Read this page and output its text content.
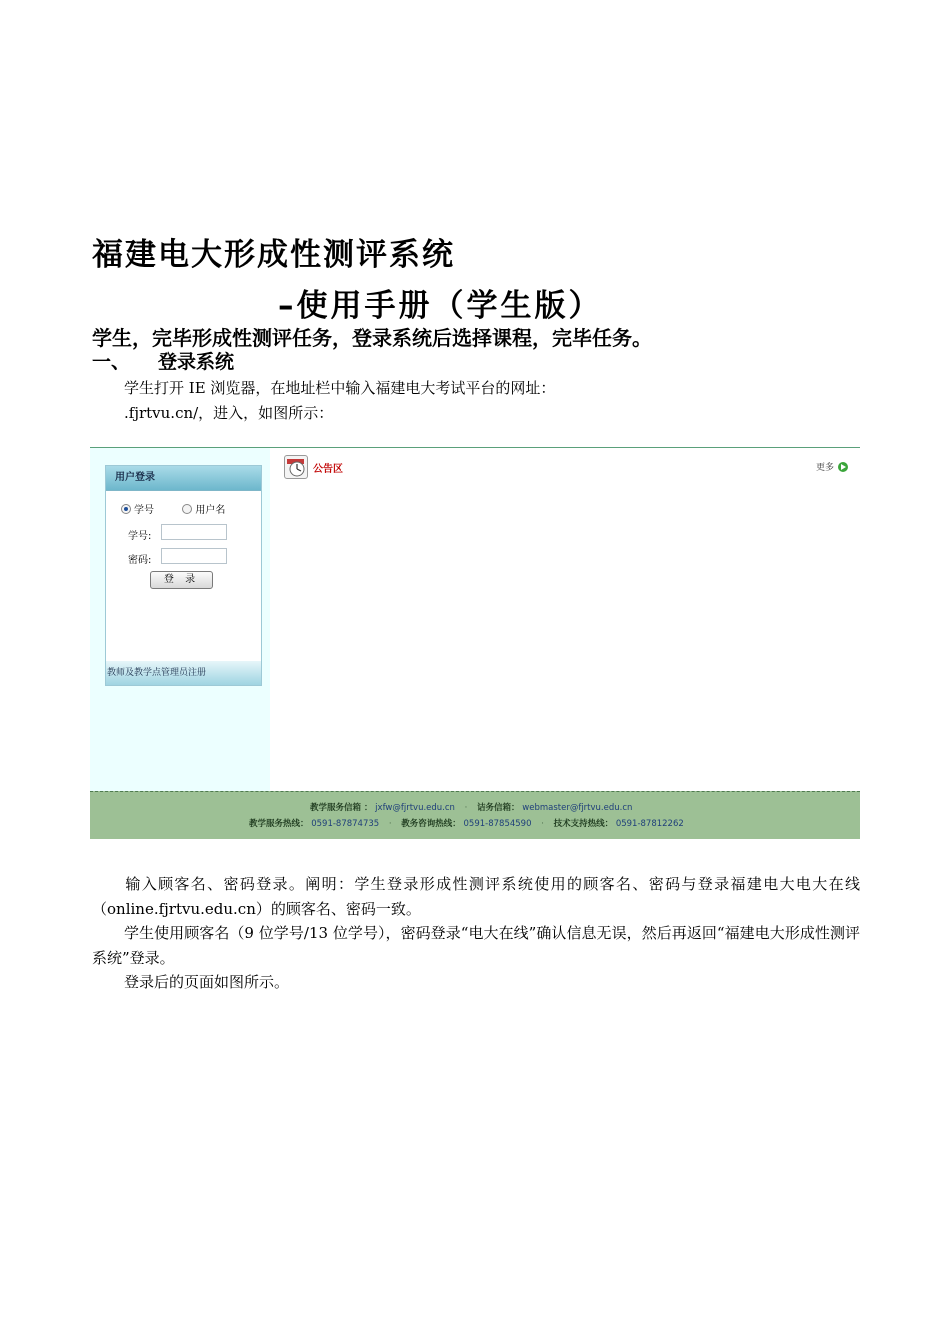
福建电大形成性测评系统
–使用手册（学生版）
学生，完毕形成性测评任务，登录系统后选择课程，完毕任务。
一、 登录系统
学生打开 IE 浏览器，在地址栏中输入福建电大考试平台的网址：
.fjrtvu.cn/，进入，如图所示：
用户登录
学号	用户名
学号:
密码:
登 录
教师及教学点管理员注册
公告区	更多
教学服务信箱 ： jxfw@fjrtvu.edu.cn · 诘务信箱： webmaster@fjrtvu.edu.cn
教学服务热线： 0591-87874735 · 教务咨询热线： 0591-87854590 · 技术支持热线： 0591-87812262
输入顾客名、密码登录。阐明：学生登录形成性测评系统使用的顾客名、密码与登录福建电大电大在线（online.fjrtvu.edu.cn）的顾客名、密码一致。
学生使用顾客名（9 位学号/13 位学号），密码登录“电大在线”确认信息无误，然后再返回“福建电大形成性测评系统”登录。
登录后的页面如图所示。
